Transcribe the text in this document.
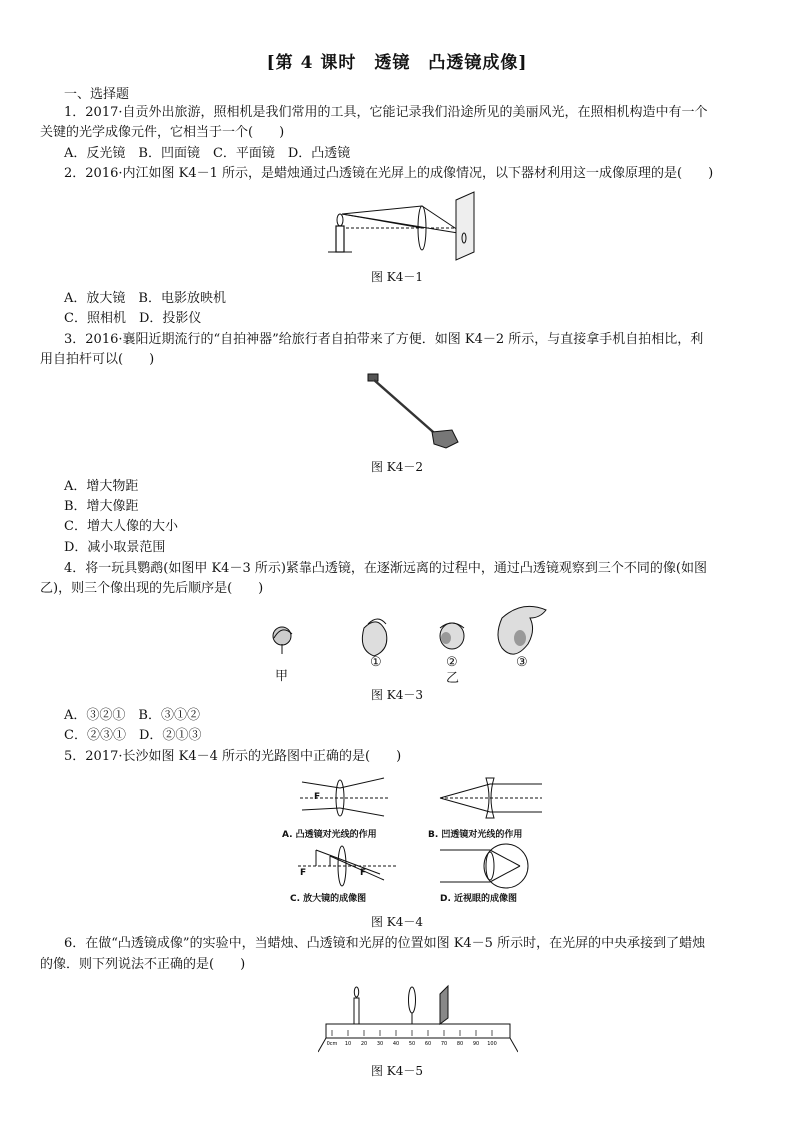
[第 4 课时　透镜　凸透镜成像]
一、选择题
1．2017·自贡外出旅游，照相机是我们常用的工具，它能记录我们沿途所见的美丽风光，在照相机构造中有一个
关键的光学成像元件，它相当于一个(　　)
A．反光镜　B．凹面镜　C．平面镜　D．凸透镜
2．2016·内江如图 K4－1 所示，是蜡烛通过凸透镜在光屏上的成像情况，以下器材利用这一成像原理的是(　　)
图 K4－1
A．放大镜　B．电影放映机
C．照相机　D．投影仪
3．2016·襄阳近期流行的“自拍神器”给旅行者自拍带来了方便．如图 K4－2 所示，与直接拿手机自拍相比，利
用自拍杆可以(　　)
图 K4－2
A．增大物距
B．增大像距
C．增大人像的大小
D．减小取景范围
4．将一玩具鹦鹉(如图甲 K4－3 所示)紧靠凸透镜，在逐渐远离的过程中，通过凸透镜观察到三个不同的像(如图
乙)，则三个像出现的先后顺序是(　　)
甲
①	②	③
乙
图 K4－3
A．③②①　B．③①②
C．②③①　D．②①③
5．2017·长沙如图 K4－4 所示的光路图中正确的是(　　)
F
F	F
A. 凸透镜对光线的作用	B. 凹透镜对光线的作用
C. 放大镜的成像图	D. 近视眼的成像图
图 K4－4
6．在做“凸透镜成像”的实验中，当蜡烛、凸透镜和光屏的位置如图 K4－5 所示时，在光屏的中央承接到了蜡烛
的像．则下列说法不正确的是(　　)
0cm 10 20 30 40 50 60 70 80 90 100
图 K4－5
